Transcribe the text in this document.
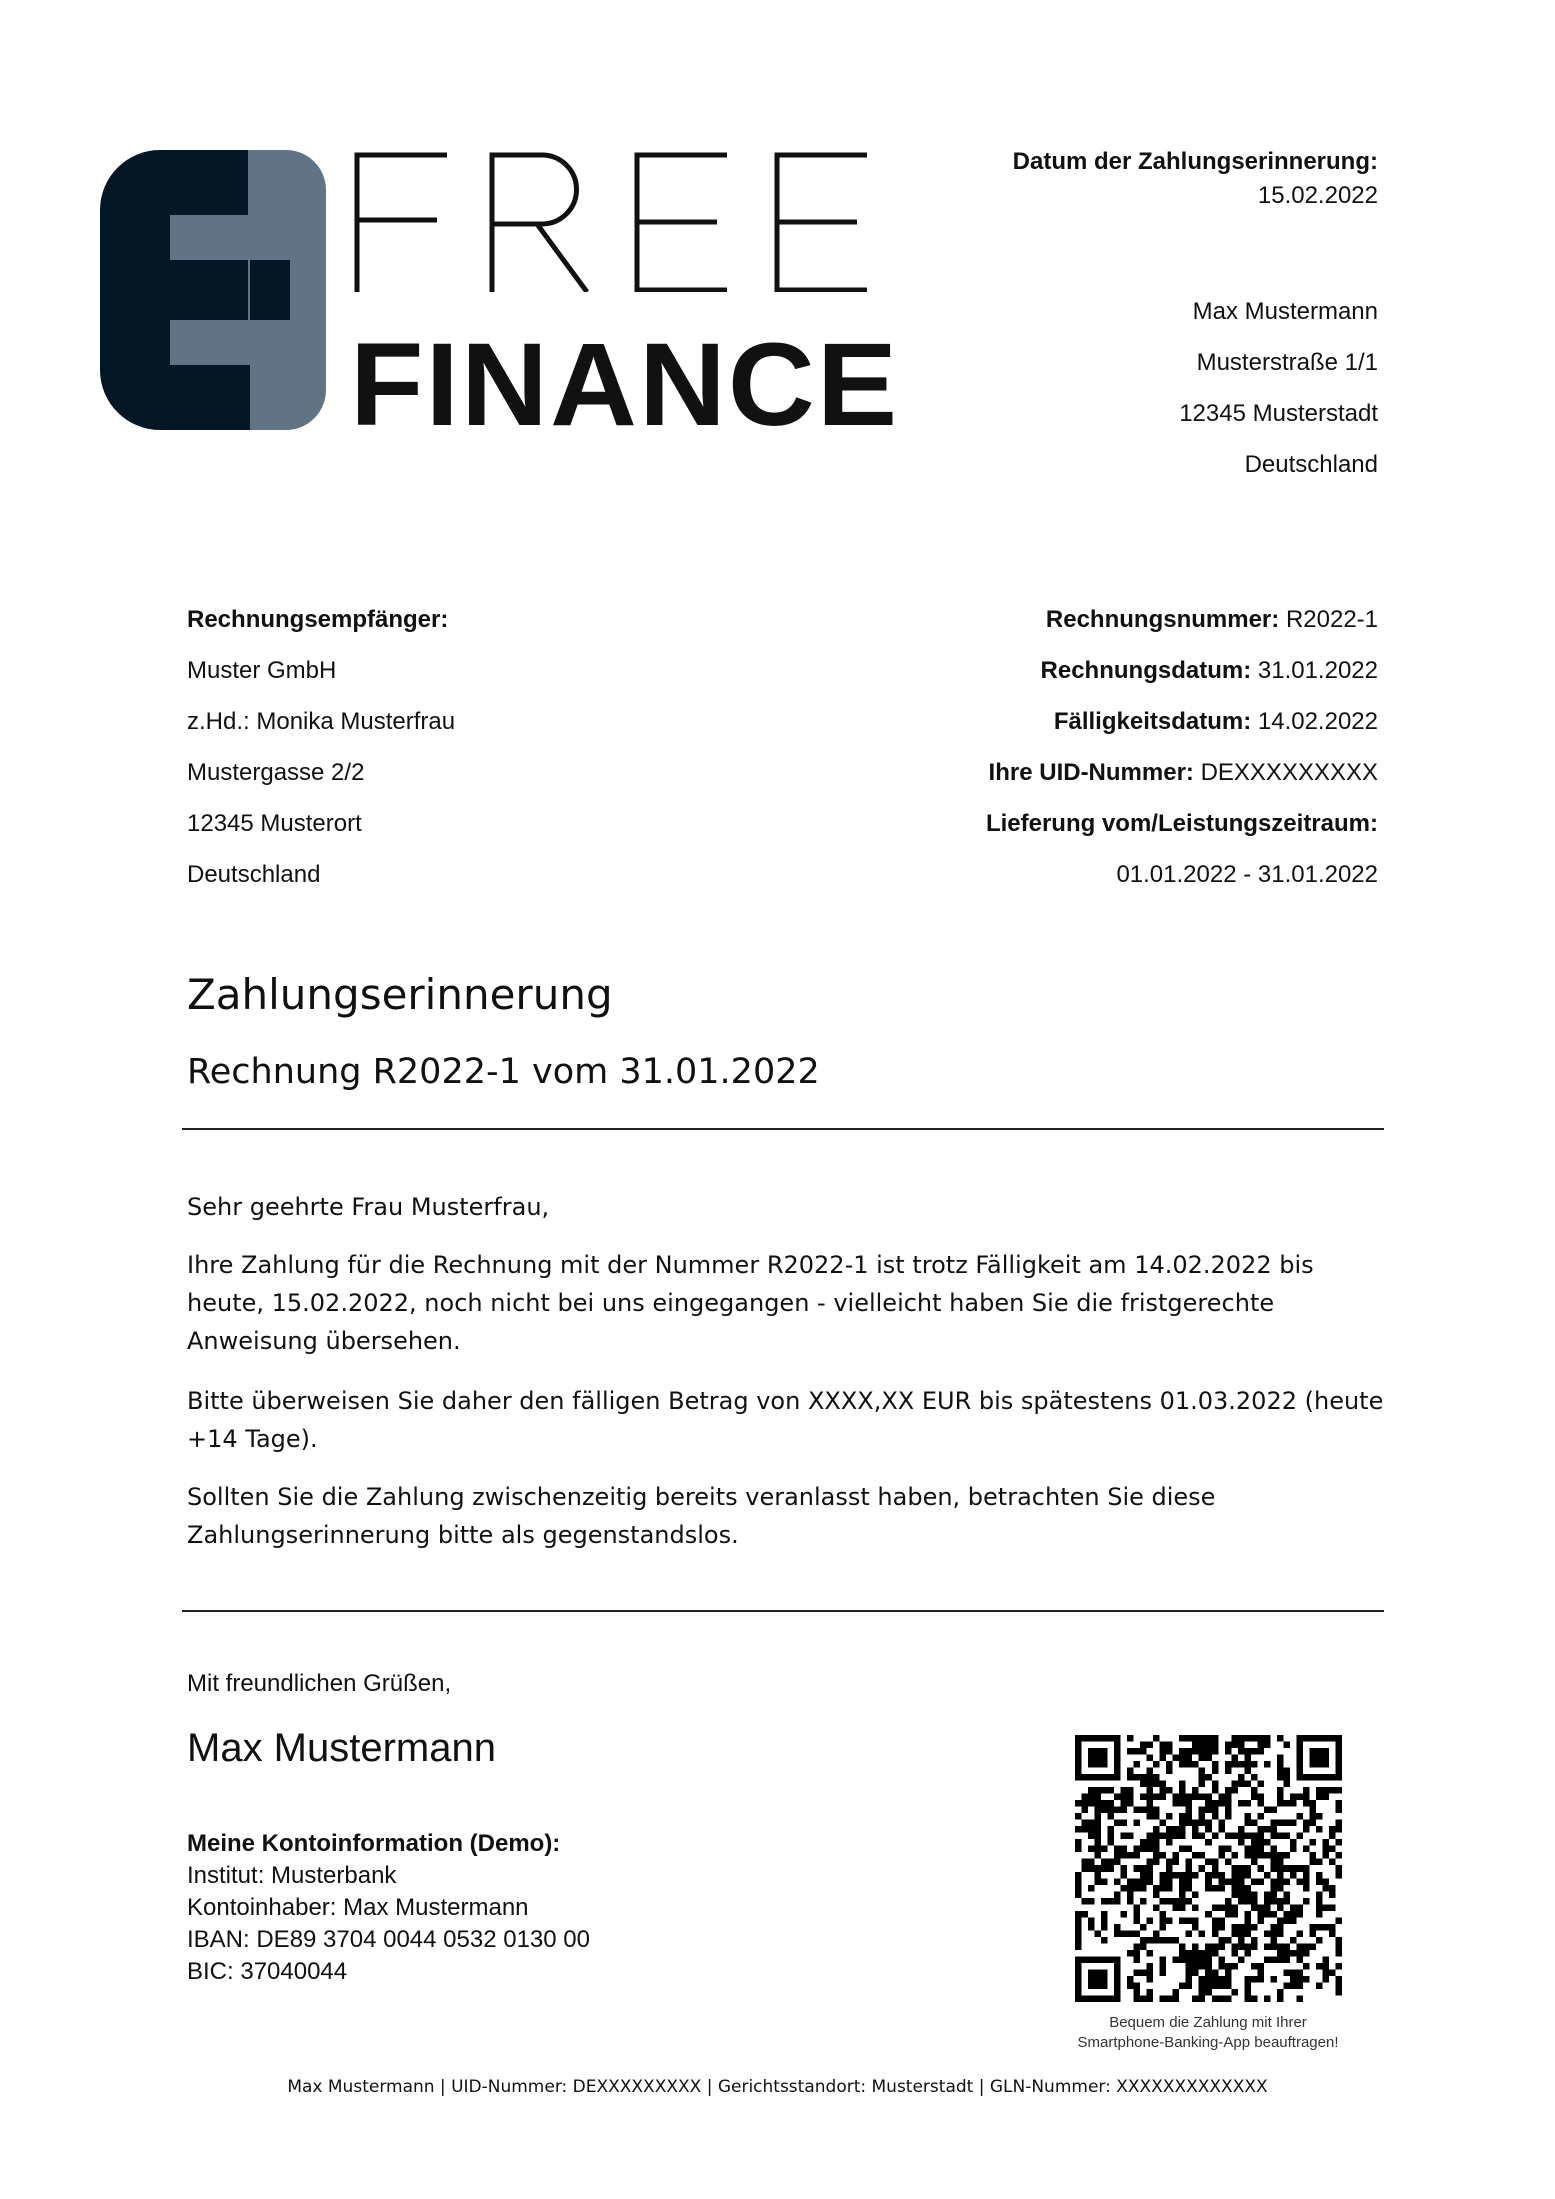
FINANCE
Datum der Zahlungserinnerung:
15.02.2022
Max Mustermann
Musterstraße 1/1
12345 Musterstadt
Deutschland
Rechnungsempfänger:
Muster GmbH
z.Hd.: Monika Musterfrau
Mustergasse 2/2
12345 Musterort
Deutschland
Rechnungsnummer: R2022-1
Rechnungsdatum: 31.01.2022
Fälligkeitsdatum: 14.02.2022
Ihre UID-Nummer: DEXXXXXXXXX
Lieferung vom/Leistungszeitraum:
01.01.2022 - 31.01.2022
Zahlungserinnerung
Rechnung R2022-1 vom 31.01.2022
Sehr geehrte Frau Musterfrau,
Ihre Zahlung für die Rechnung mit der Nummer R2022-1 ist trotz Fälligkeit am 14.02.2022 bis heute, 15.02.2022, noch nicht bei uns eingegangen - vielleicht haben Sie die fristgerechte Anweisung übersehen.
Bitte überweisen Sie daher den fälligen Betrag von XXXX,XX EUR bis spätestens 01.03.2022 (heute +14 Tage).
Sollten Sie die Zahlung zwischenzeitig bereits veranlasst haben, betrachten Sie diese Zahlungserinnerung bitte als gegenstandslos.
Mit freundlichen Grüßen,
Max Mustermann
Meine Kontoinformation (Demo):
Institut: Musterbank
Kontoinhaber: Max Mustermann
IBAN: DE89 3704 0044 0532 0130 00
BIC: 37040044
Bequem die Zahlung mit Ihrer
Smartphone-Banking-App beauftragen!
Max Mustermann | UID-Nummer: DEXXXXXXXXX | Gerichtsstandort: Musterstadt | GLN-Nummer: XXXXXXXXXXXXX
